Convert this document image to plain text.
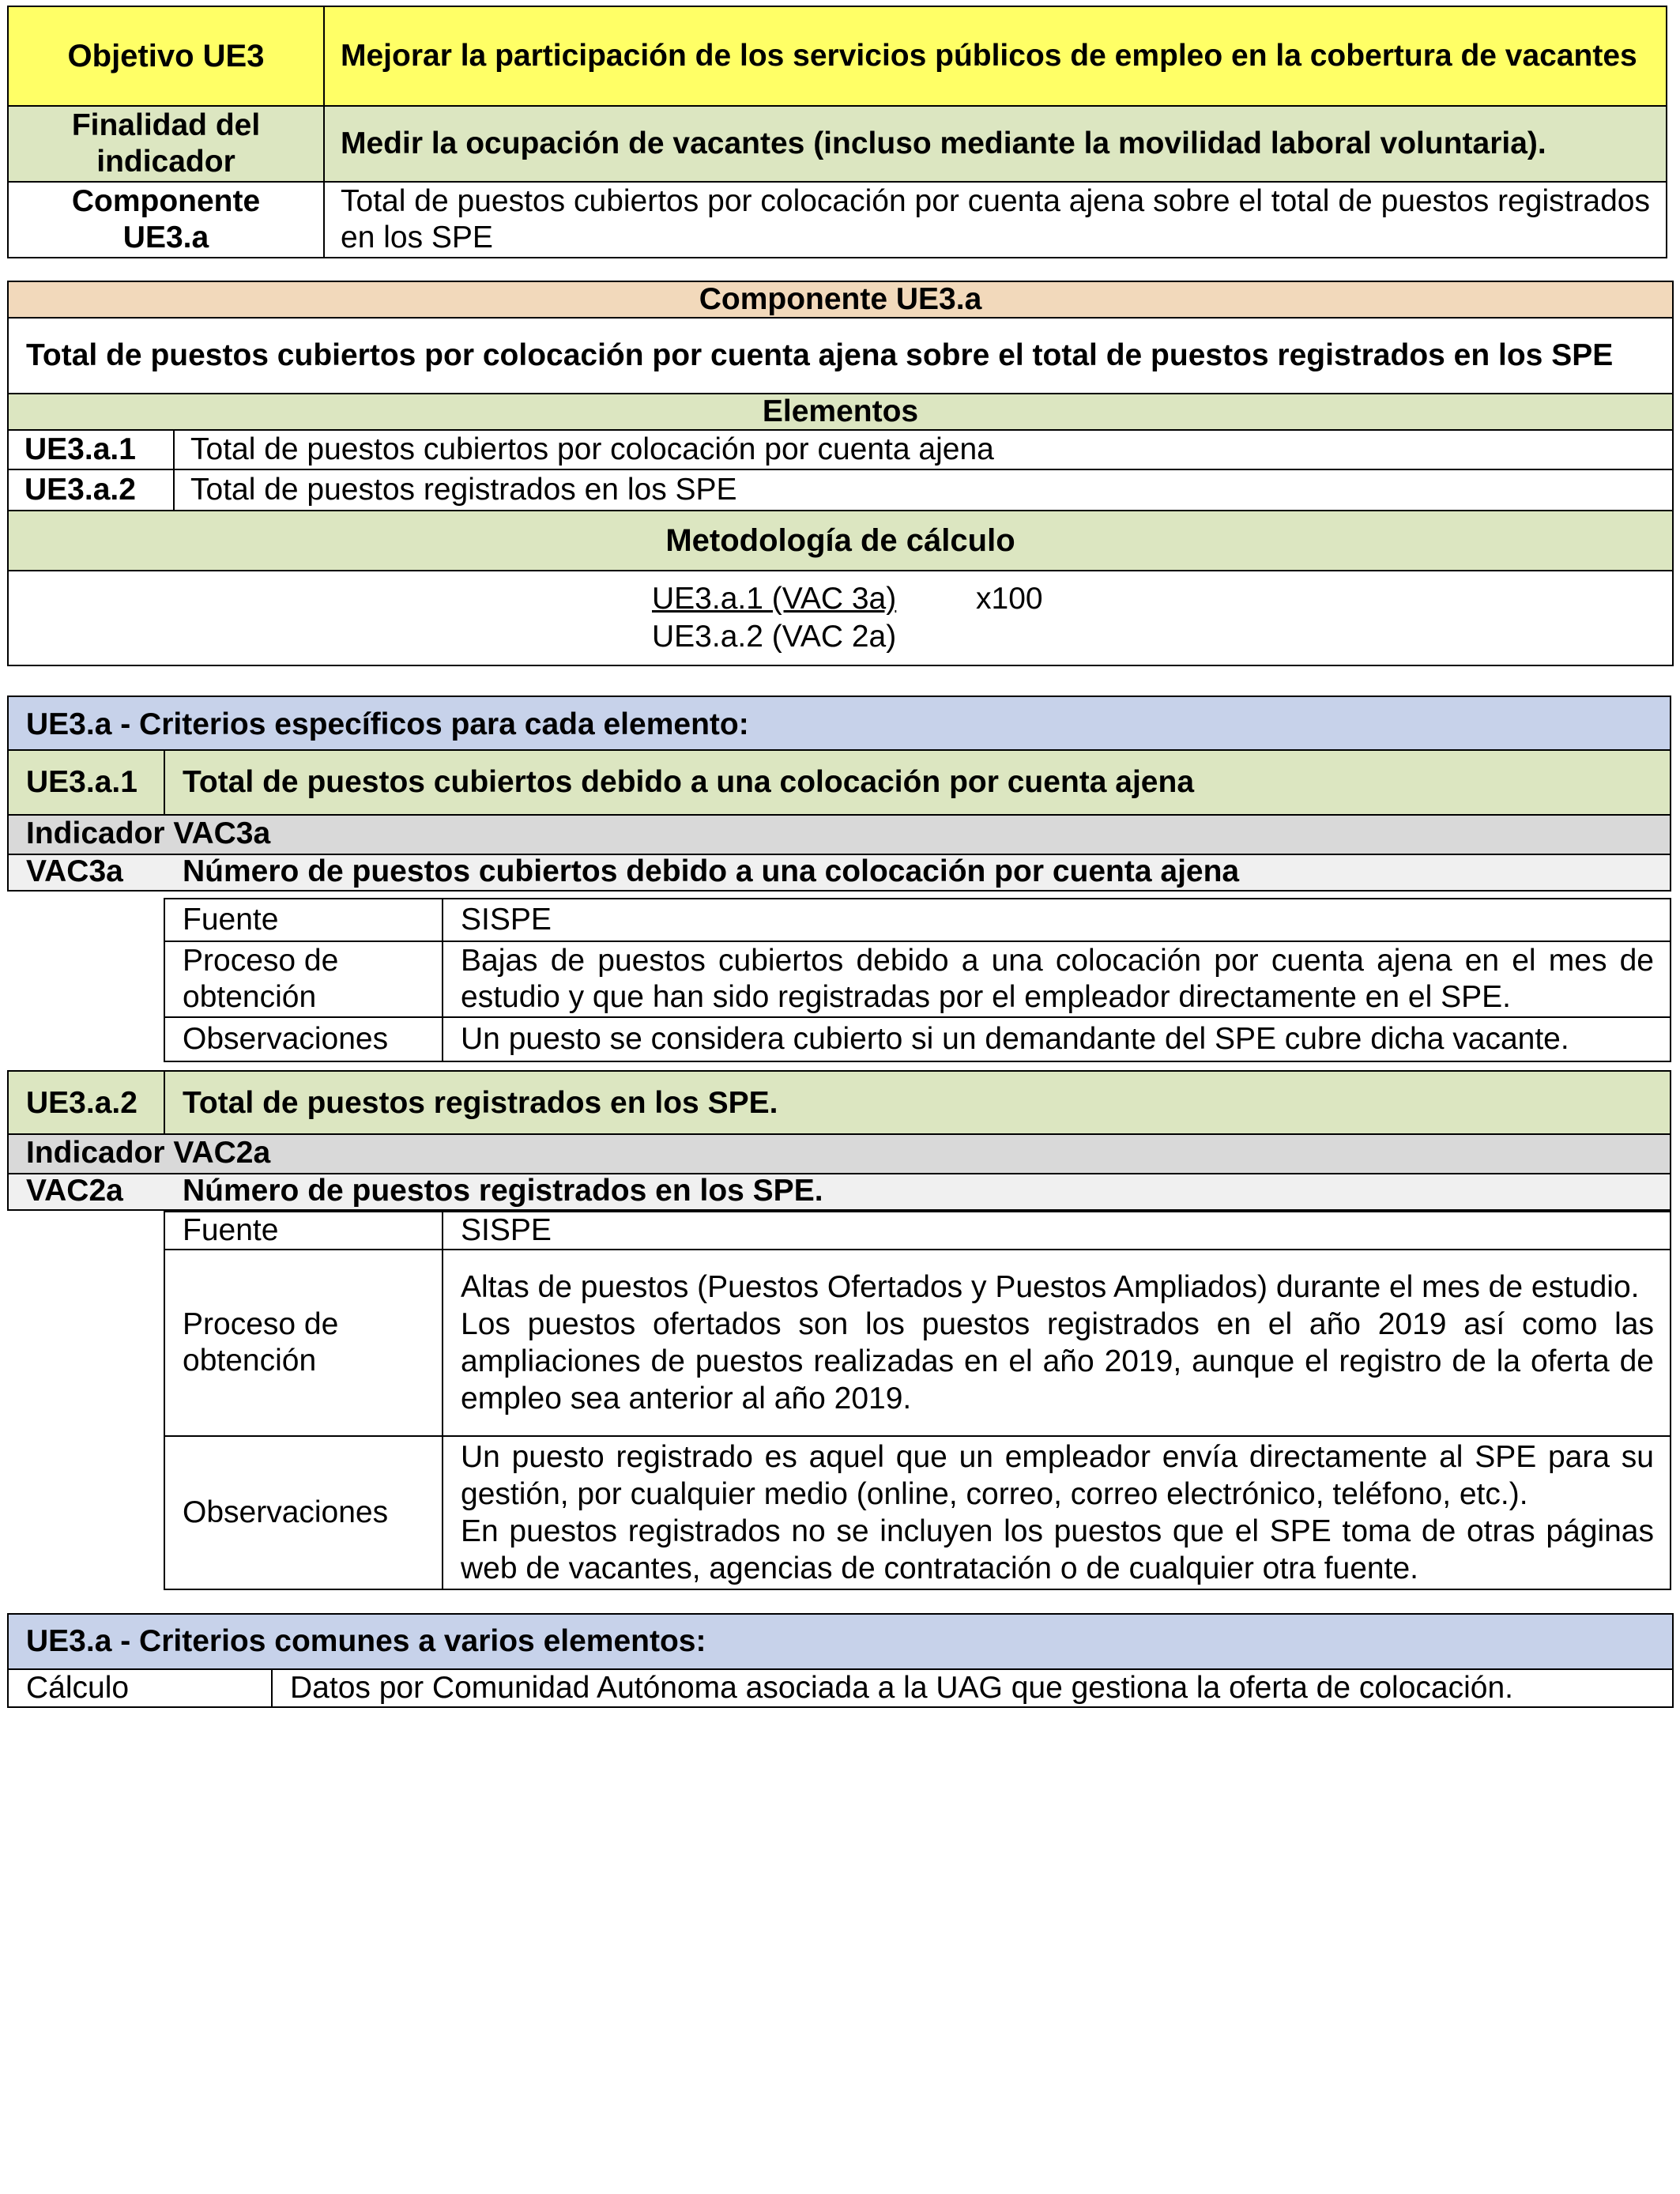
Objetivo UE3	Mejorar la participación de los servicios públicos de empleo en la cobertura de vacantes
Finalidad del
indicador	Medir la ocupación de vacantes (incluso mediante la movilidad laboral voluntaria).
Componente
UE3.a	Total de puestos cubiertos por colocación por cuenta ajena sobre el total de puestos registrados en los SPE
Componente UE3.a	
Total de puestos cubiertos por colocación por cuenta ajena sobre el total de puestos registrados en los SPE	
Elementos	
UE3.a.1	Total de puestos cubiertos por colocación por cuenta ajena
UE3.a.2	Total de puestos registrados en los SPE
Metodología de cálculo	

UE3.a.1 (VAC 3a) x100
UE3.a.2 (VAC 2a)	
UE3.a - Criterios específicos para cada elemento:
UE3.a.1 Total de puestos cubiertos debido a una colocación por cuenta ajena
Indicador VAC3a
VAC3a Número de puestos cubiertos debido a una colocación por cuenta ajena
Fuente	SISPE
Proceso de
obtención	Bajas de puestos cubiertos debido a una colocación por cuenta ajena en el mes de estudio y que han sido registradas por el empleador directamente en el SPE.
Observaciones	Un puesto se considera cubierto si un demandante del SPE cubre dicha vacante.
UE3.a.2 Total de puestos registrados en los SPE.
Indicador VAC2a
VAC2a Número de puestos registrados en los SPE.
Fuente	SISPE
Proceso de
obtención	Altas de puestos (Puestos Ofertados y Puestos Ampliados) durante el mes de estudio.
Los puestos ofertados son los puestos registrados en el año 2019 así como las ampliaciones de puestos realizadas en el año 2019, aunque el registro de la oferta de empleo sea anterior al año 2019.
Observaciones	Un puesto registrado es aquel que un empleador envía directamente al SPE para su gestión, por cualquier medio (online, correo, correo electrónico, teléfono, etc.).
En puestos registrados no se incluyen los puestos que el SPE toma de otras páginas web de vacantes, agencias de contratación o de cualquier otra fuente.
UE3.a - Criterios comunes a varios elementos:
Cálculo	Datos por Comunidad Autónoma asociada a la UAG que gestiona la oferta de colocación.
